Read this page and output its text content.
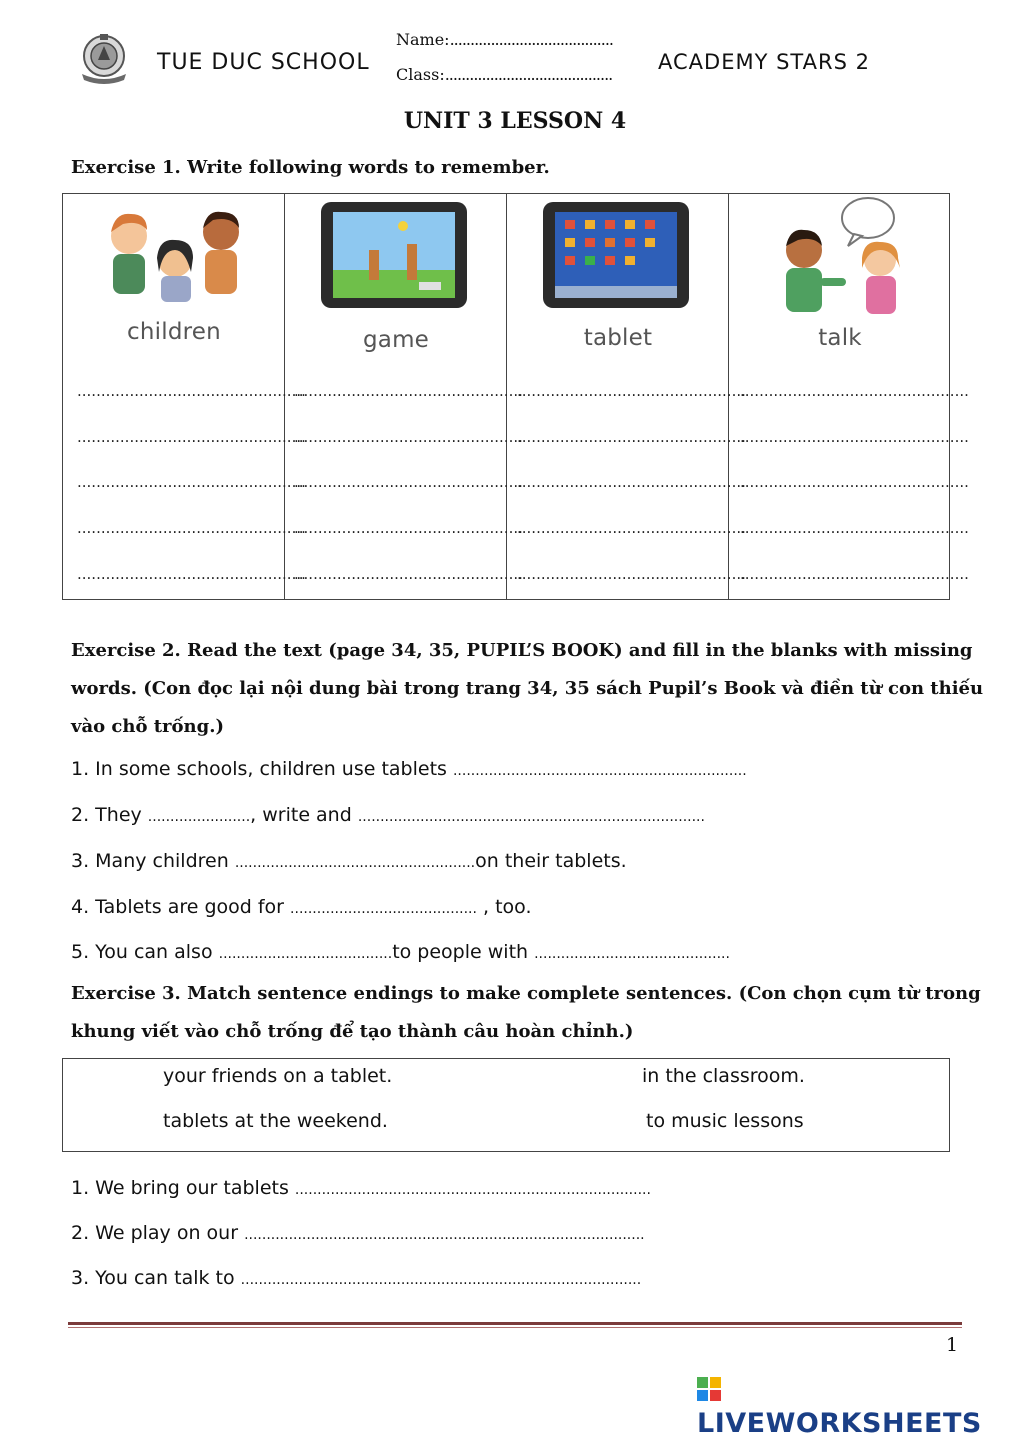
TUE DUC SCHOOL
Name:........................................
Class:.........................................
ACADEMY STARS 2
UNIT 3 LESSON 4
Exercise 1. Write following words to remember.
children	game	tablet	talk
................................................
................................................
................................................
................................................
................................................
................................................
................................................
................................................
................................................
................................................
................................................
................................................
................................................
................................................
................................................
................................................
................................................
................................................
................................................
................................................
Exercise 2. Read the text (page 34, 35, PUPIL’S BOOK) and fill in the blanks with missing
words. (Con đọc lại nội dung bài trong trang 34, 35 sách Pupil’s Book và điền từ con thiếu
vào chỗ trống.)
1. In some schools, children use tablets ..................................................................
2. They ......................., write and ..............................................................................
3. Many children ......................................................on their tablets.
4. Tablets are good for .......................................... , too.
5. You can also .......................................to people with ............................................
Exercise 3. Match sentence endings to make complete sentences. (Con chọn cụm từ trong
khung viết vào chỗ trống để tạo thành câu hoàn chỉnh.)
your friends on a tablet.	in the classroom.
tablets at the weekend.	to music lessons
1. We bring our tablets ................................................................................
2. We play on our ..........................................................................................
3. You can talk to ..........................................................................................
1
LIVEWORKSHEETS
